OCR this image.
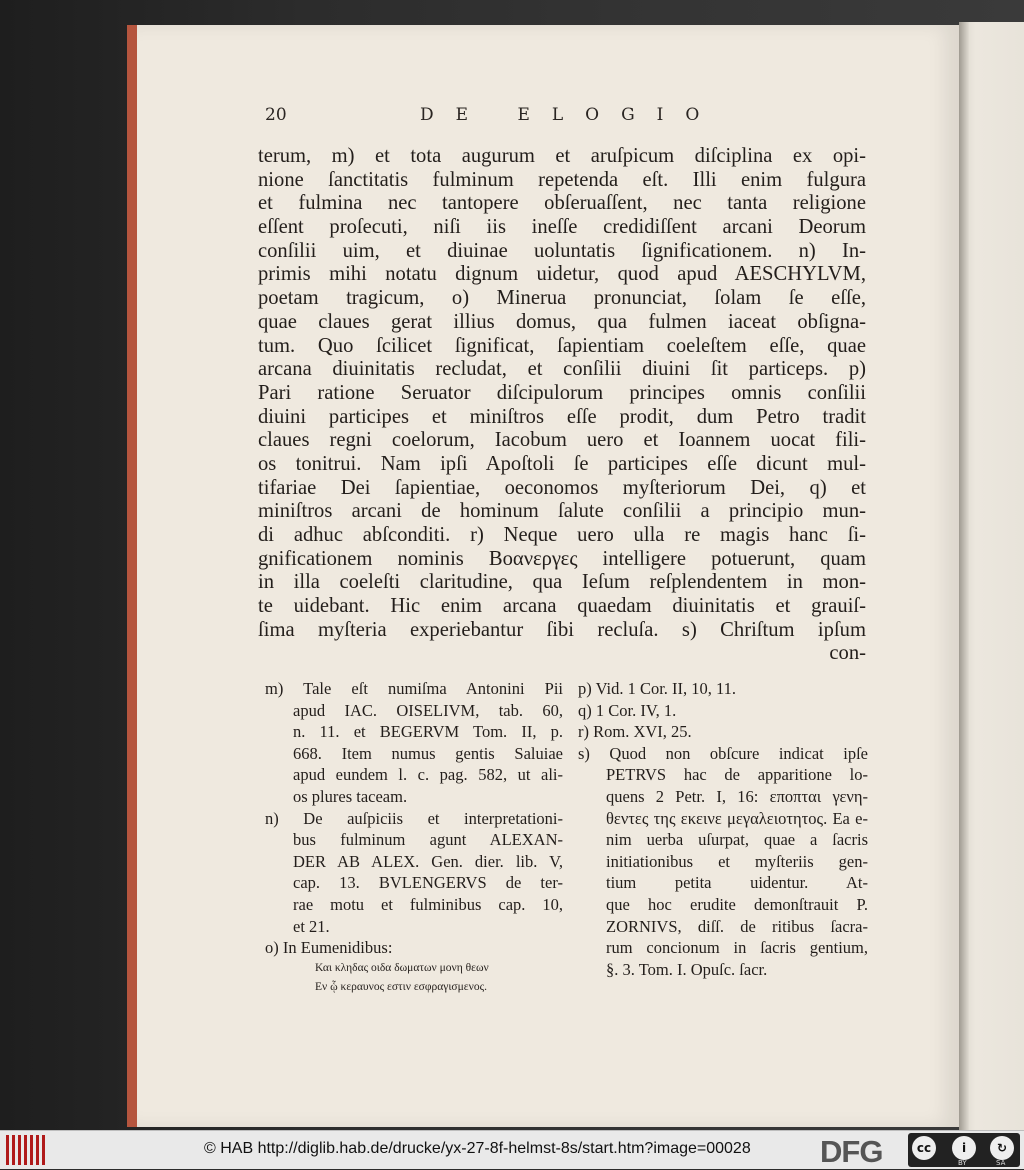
20	DE ELOGIO
terum, m) et tota augurum et aruſpicum diſciplina ex opi-
nione ſanctitatis fulminum repetenda eſt. Illi enim fulgura
et fulmina nec tantopere obſeruaſſent, nec tanta religione
eſſent proſecuti, niſi iis ineſſe credidiſſent arcani Deorum
conſilii uim, et diuinae uoluntatis ſignificationem. n) In-
primis mihi notatu dignum uidetur, quod apud AESCHYLVM,
poetam tragicum, o) Minerua pronunciat, ſolam ſe eſſe,
quae claues gerat illius domus, qua fulmen iaceat obſigna-
tum. Quo ſcilicet ſignificat, ſapientiam coeleſtem eſſe, quae
arcana diuinitatis recludat, et conſilii diuini ſit particeps. p)
Pari ratione Seruator diſcipulorum principes omnis conſilii
diuini participes et miniſtros eſſe prodit, dum Petro tradit
claues regni coelorum, Iacobum uero et Ioannem uocat fili-
os tonitrui. Nam ipſi Apoſtoli ſe participes eſſe dicunt mul-
tifariae Dei ſapientiae, oeconomos myſteriorum Dei, q) et
miniſtros arcani de hominum ſalute conſilii a principio mun-
di adhuc abſconditi. r) Neque uero ulla re magis hanc ſi-
gnificationem nominis Βοανεργες intelligere potuerunt, quam
in illa coeleſti claritudine, qua Ieſum reſplendentem in mon-
te uidebant. Hic enim arcana quaedam diuinitatis et grauiſ-
ſima myſteria experiebantur ſibi recluſa. s) Chriſtum ipſum
con-
m) Tale eſt numiſma Antonini Pii
apud IAC. OISELIVM, tab. 60,
n. 11. et BEGERVM Tom. II, p.
668. Item numus gentis Saluiae
apud eundem l. c. pag. 582, ut ali-
os plures taceam.
n) De auſpiciis et interpretationi-
bus fulminum agunt ALEXAN-
DER AB ALEX. Gen. dier. lib. V,
cap. 13. BVLENGERVS de ter-
rae motu et fulminibus cap. 10,
et 21.
o) In Eumenidibus:
Και κληδας οιδα δωματων μονη θεων
Εν ᾧ κεραυνος εστιν εσφραγισμενος.
p) Vid. 1 Cor. II, 10, 11.
q) 1 Cor. IV, 1.
r) Rom. XVI, 25.
s) Quod non obſcure indicat ipſe
PETRVS hac de apparitione lo-
quens 2 Petr. I, 16: εποπται γενη-
θεντες της εκεινε μεγαλειοτητος. Ea e-
nim uerba uſurpat, quae a ſacris
initiationibus et myſteriis gen-
tium petita uidentur. At-
que hoc erudite demonſtrauit P.
ZORNIVS, diſſ. de ritibus ſacra-
rum concionum in ſacris gentium,
§. 3. Tom. I. Opuſc. ſacr.
© HAB http://diglib.hab.de/drucke/yx-27-8f-helmst-8s/start.htm?image=00028 DFG	cc	i	↻
BY	SA
